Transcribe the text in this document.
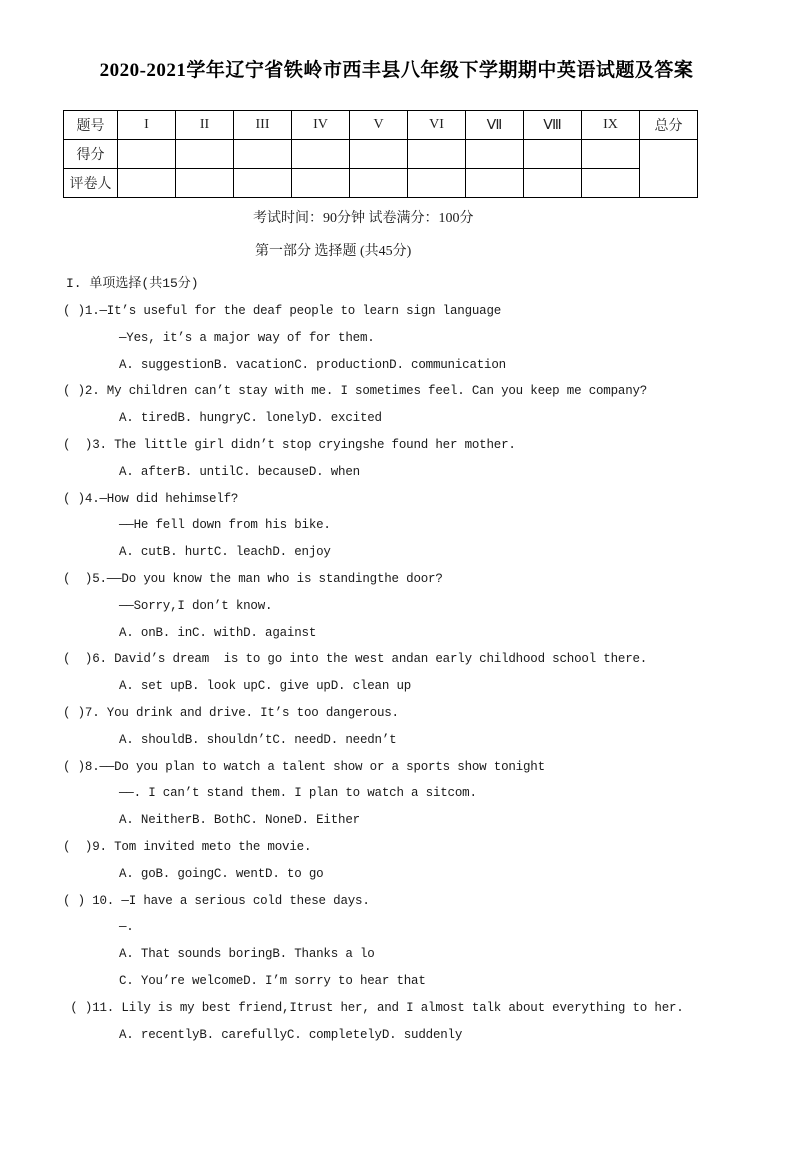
2020-2021学年辽宁省铁岭市西丰县八年级下学期期中英语试题及答案
题号	I	II	III	IV	V	VI	Ⅶ	Ⅷ	IX	总分
得分										
评卷人										

考试时间：90分钟 试卷满分：100分

第一部分 选择题 (共45分)

I. 单项选择(共15分)

( )1.—It’s useful for the deaf people to learn sign language
—Yes, it’s a major way of for them.
A. suggestionB. vacationC. productionD. communication
( )2. My children can’t stay with me. I sometimes feel. Can you keep me company?
A. tiredB. hungryC. lonelyD. excited
(  )3. The little girl didn’t stop cryingshe found her mother.
A. afterB. untilC. becauseD. when
( )4.—How did hehimself?
——He fell down from his bike.
A. cutB. hurtC. leachD. enjoy
(  )5.——Do you know the man who is standingthe door?
——Sorry,I don’t know.
A. onB. inC. withD. against
(  )6. David’s dream  is to go into the west andan early childhood school there.
A. set upB. look upC. give upD. clean up
( )7. You drink and drive. It’s too dangerous.
A. shouldB. shouldn’tC. needD. needn’t
( )8.——Do you plan to watch a talent show or a sports show tonight
——. I can’t stand them. I plan to watch a sitcom.
A. NeitherB. BothC. NoneD. Either
(  )9. Tom invited meto the movie.
A. goB. goingC. wentD. to go
( ) 10. —I have a serious cold these days.
—.
A. That sounds boringB. Thanks a lo
C. You’re welcomeD. I’m sorry to hear that
( )11. Lily is my best friend,Itrust her, and I almost talk about everything to her.
A. recentlyB. carefullyC. completelyD. suddenly
